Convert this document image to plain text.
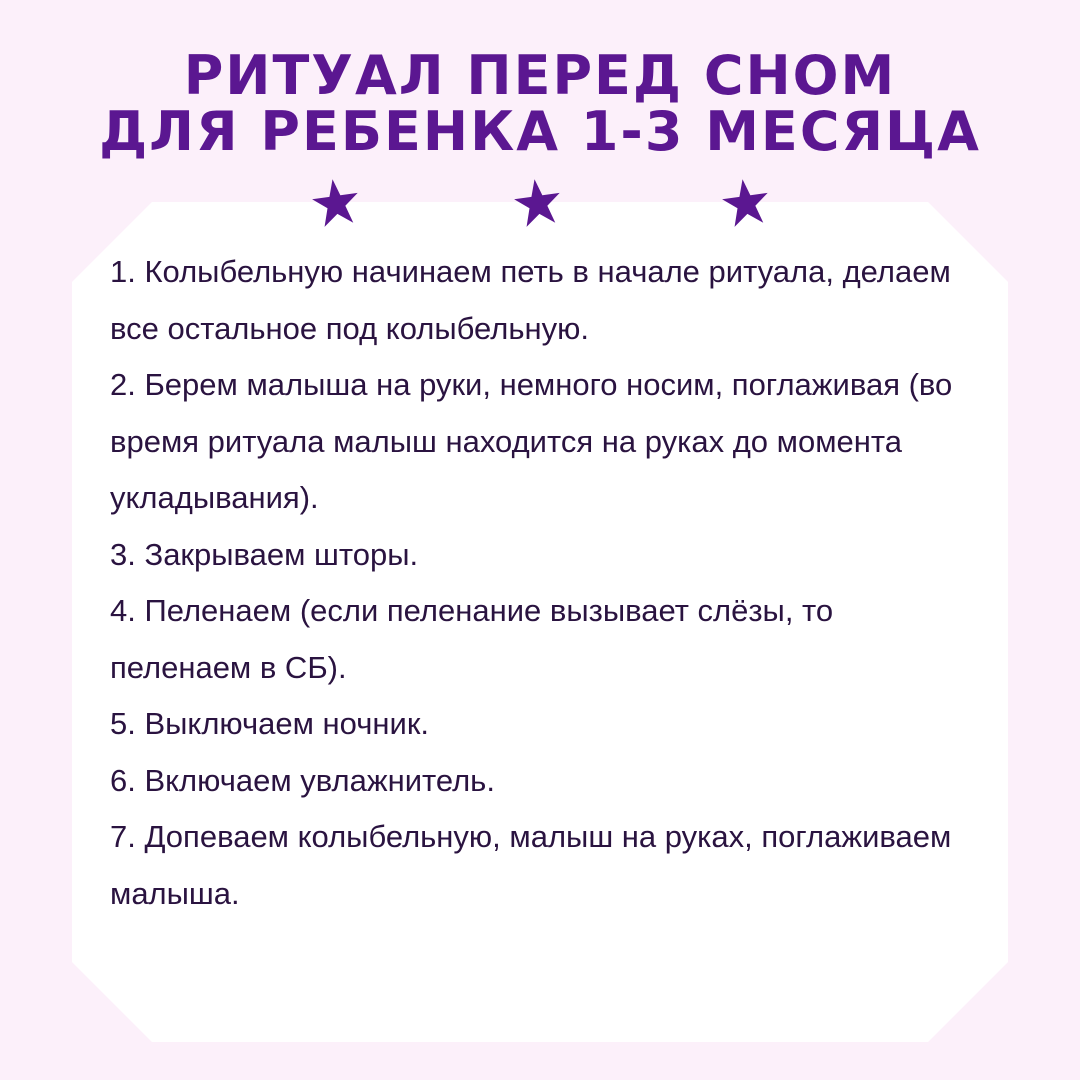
РИТУАЛ ПЕРЕД СНОМ
ДЛЯ РЕБЕНКА 1-3 МЕСЯЦА
1. Колыбельную начинаем петь в начале ритуала, делаем все остальное под колыбельную.
2. Берем малыша на руки, немного носим, поглаживая (во время ритуала малыш находится на руках до момента укладывания).
3. Закрываем шторы.
4. Пеленаем (если пеленание вызывает слёзы, то пеленаем в СБ).
5. Выключаем ночник.
6. Включаем увлажнитель.
7. Допеваем колыбельную, малыш на руках, поглаживаем малыша.
